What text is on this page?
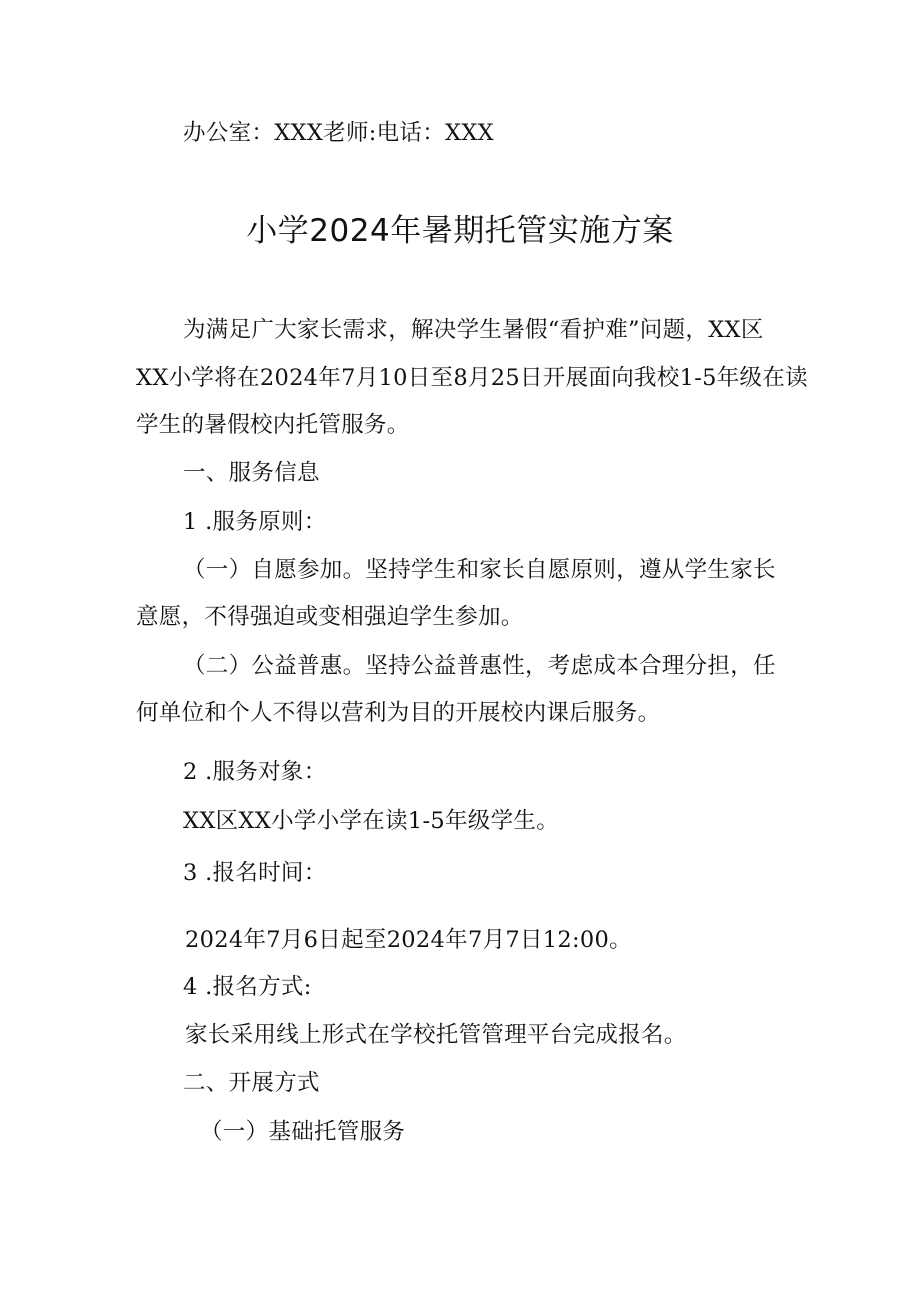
办公室：XXX老师:电话：XXX
小学2024年暑期托管实施方案
为满足广大家长需求，解决学生暑假“看护难”问题，XX区
XX小学将在2024年7月10日至8月25日开展面向我校1-5年级在读
学生的暑假校内托管服务。
一、服务信息
1 .服务原则：
（一）自愿参加。坚持学生和家长自愿原则，遵从学生家长
意愿，不得强迫或变相强迫学生参加。
（二）公益普惠。坚持公益普惠性，考虑成本合理分担，任
何单位和个人不得以营利为目的开展校内课后服务。
2 .服务对象：
XX区XX小学小学在读1-5年级学生。
3 .报名时间：
2024年7月6日起至2024年7月7日12:00。
4 .报名方式:
家长采用线上形式在学校托管管理平台完成报名。
二、开展方式
（一）基础托管服务
